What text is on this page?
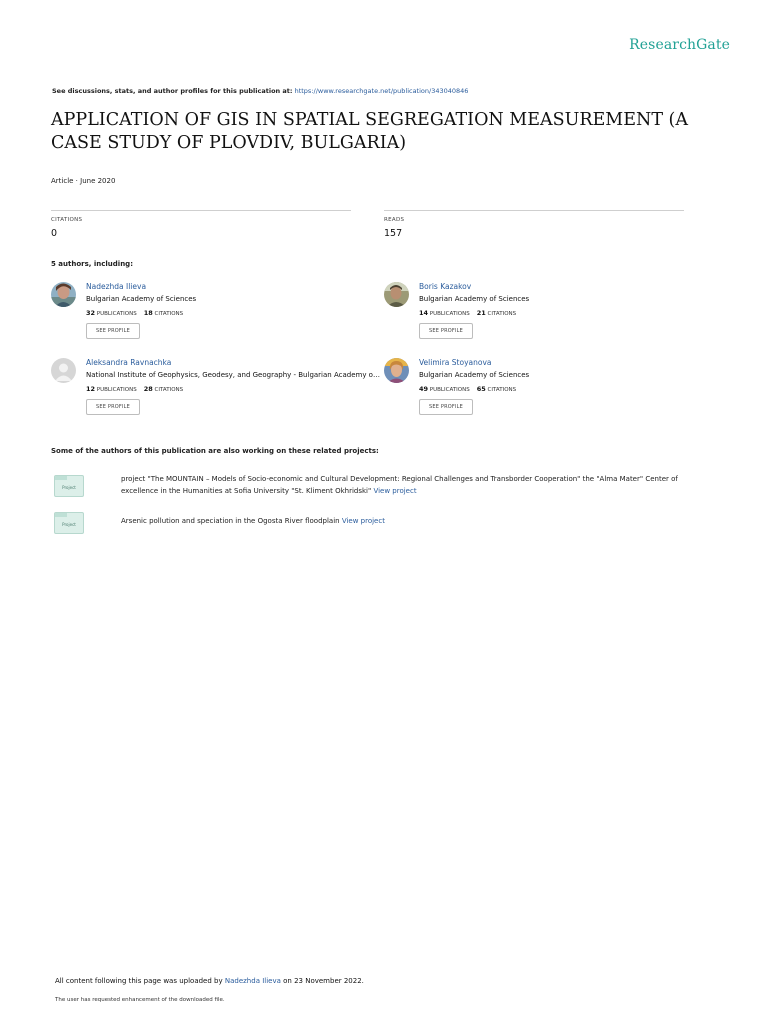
ResearchGate
See discussions, stats, and author profiles for this publication at: https://www.researchgate.net/publication/343040846
APPLICATION OF GIS IN SPATIAL SEGREGATION MEASUREMENT (A CASE STUDY OF PLOVDIV, BULGARIA)
Article · June 2020
CITATIONS
0
READS
157
5 authors, including:
Nadezhda Ilieva
Bulgarian Academy of Sciences
32 PUBLICATIONS 18 CITATIONS
SEE PROFILE
Boris Kazakov
Bulgarian Academy of Sciences
14 PUBLICATIONS 21 CITATIONS
SEE PROFILE
Aleksandra Ravnachka
National Institute of Geophysics, Geodesy, and Geography - Bulgarian Academy o…
12 PUBLICATIONS 28 CITATIONS
SEE PROFILE
Velimira Stoyanova
Bulgarian Academy of Sciences
49 PUBLICATIONS 65 CITATIONS
SEE PROFILE
Some of the authors of this publication are also working on these related projects:
Project
project "The MOUNTAIN – Models of Socio-economic and Cultural Development: Regional Challenges and Transborder Cooperation" the "Alma Mater" Center of excellence in the Humanities at Sofia University "St. Kliment Okhridski" View project
Project	Arsenic pollution and speciation in the Ogosta River floodplain View project
All content following this page was uploaded by Nadezhda Ilieva on 23 November 2022.
The user has requested enhancement of the downloaded file.
